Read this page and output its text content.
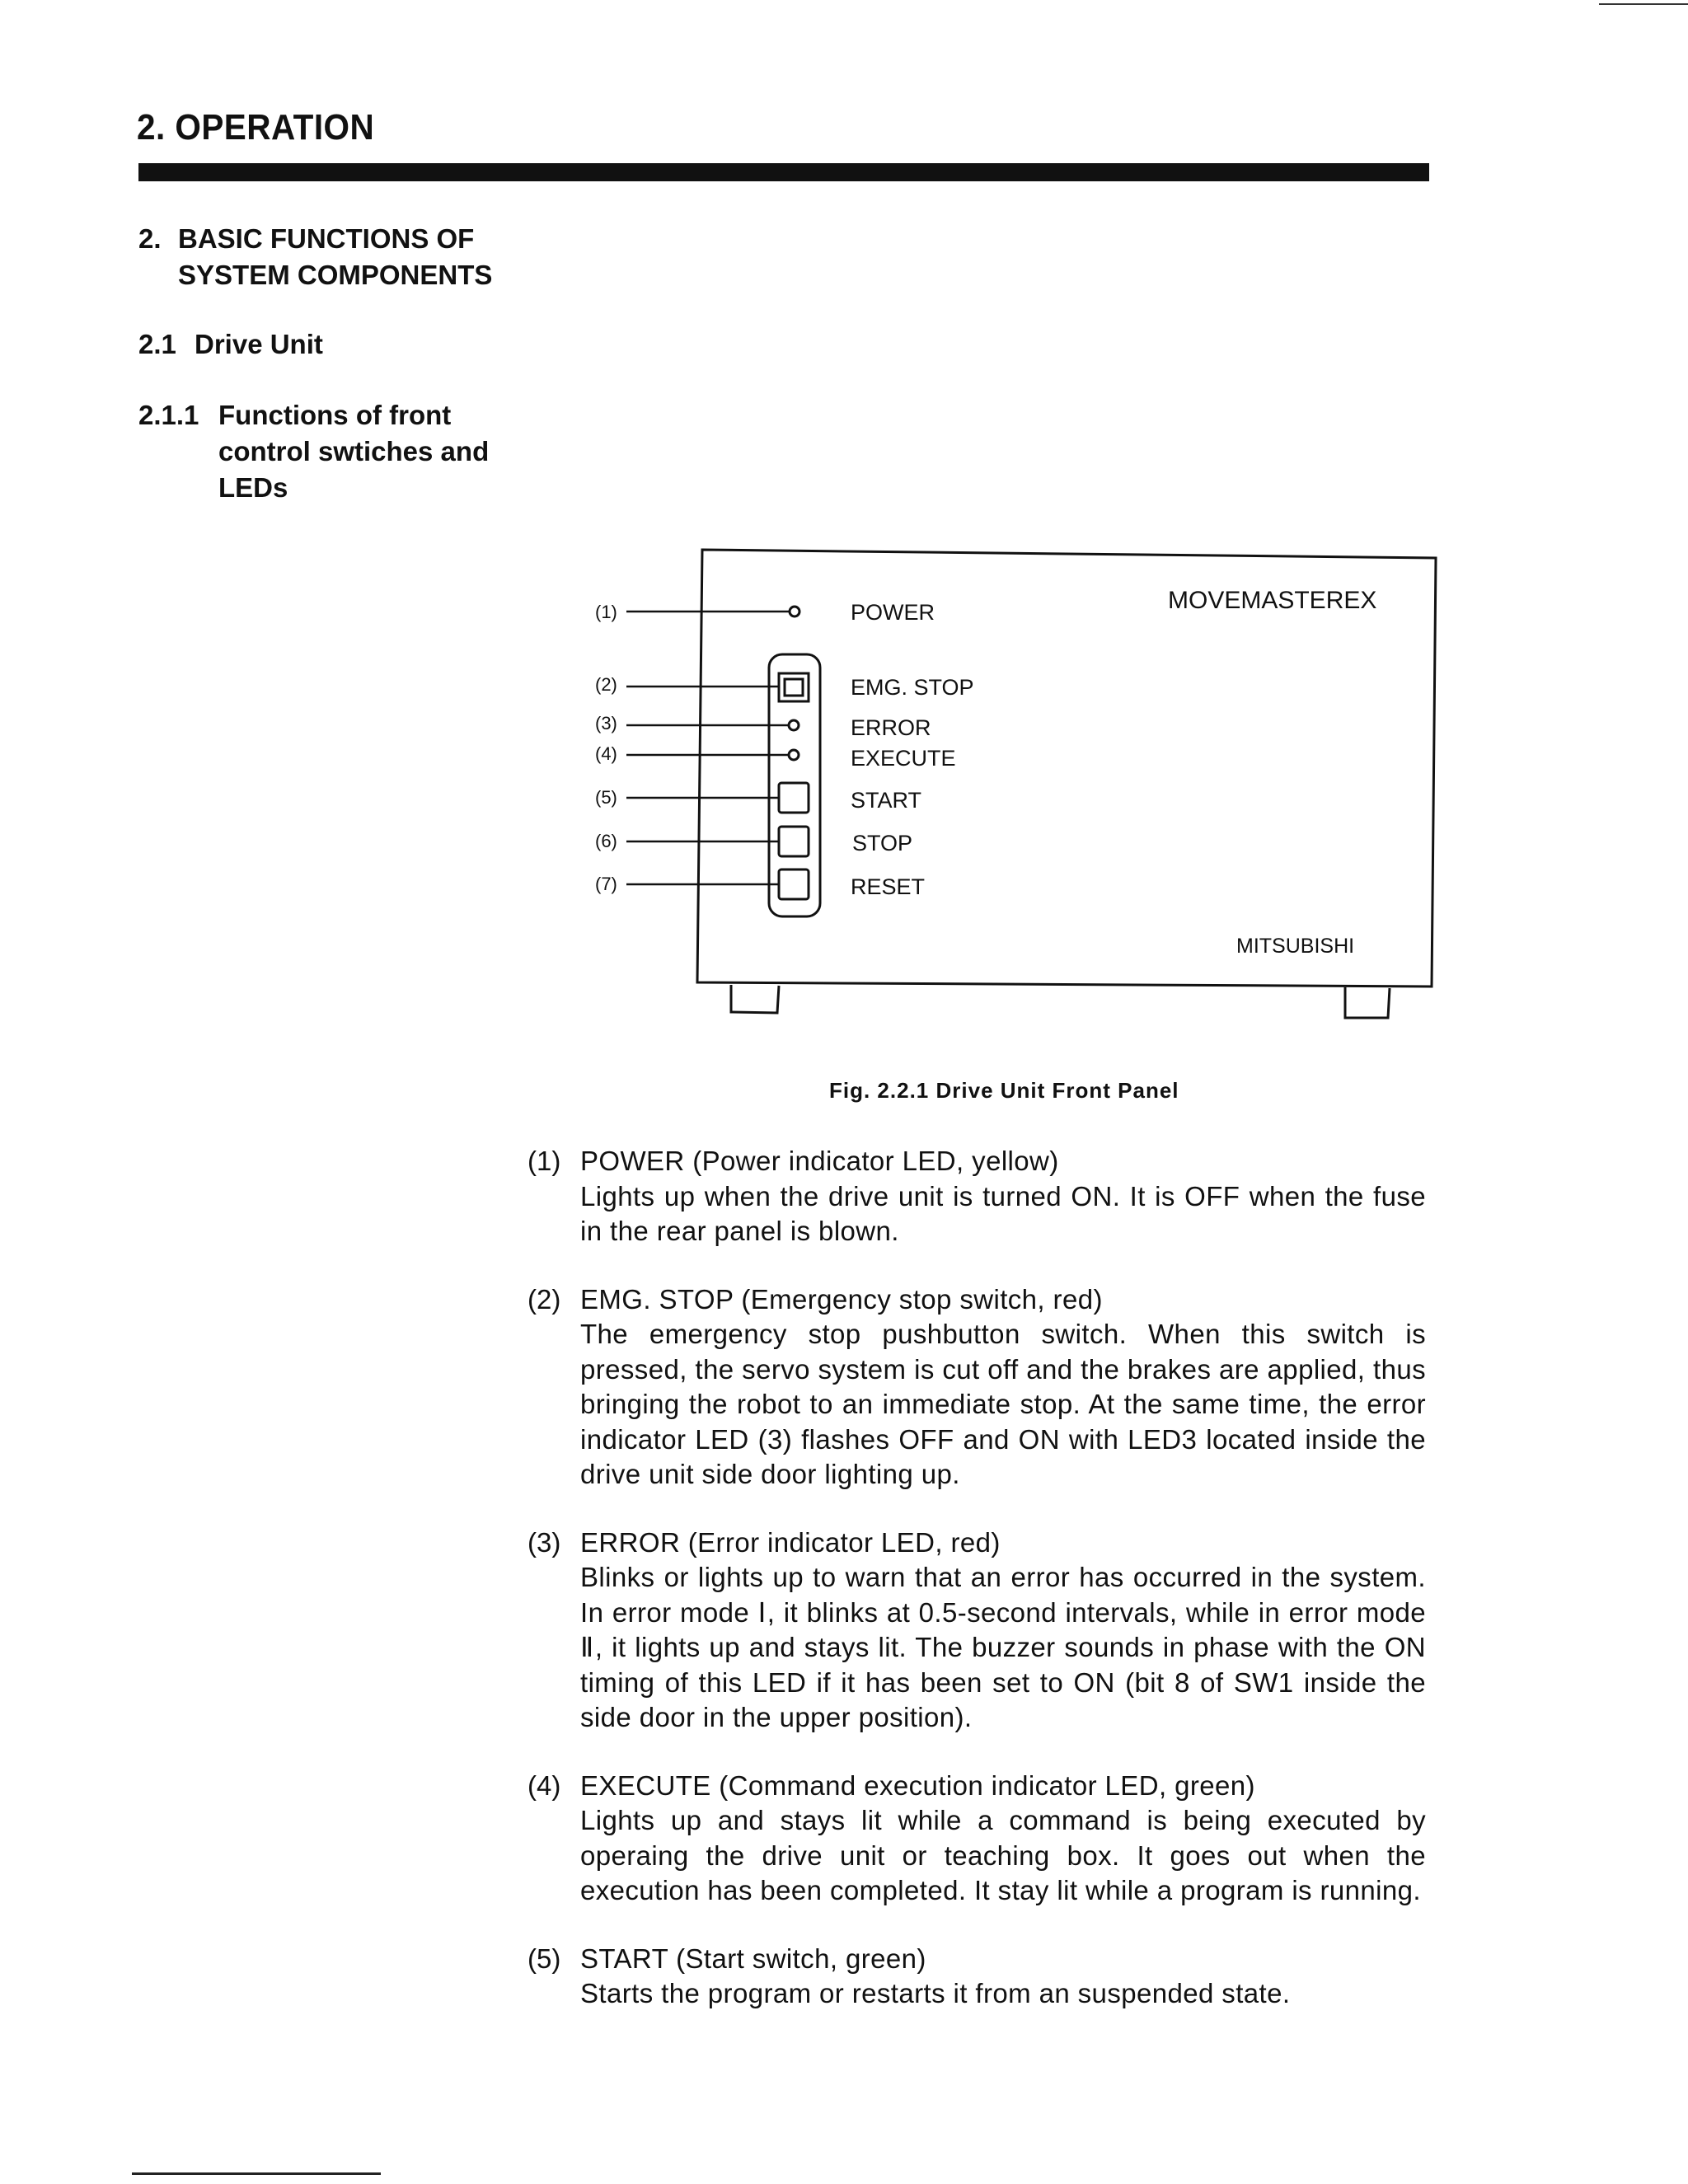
2. OPERATION
2. BASIC FUNCTIONS OF
SYSTEM COMPONENTS
2.1 Drive Unit
2.1.1 Functions of front
control swtiches and
LEDs
MOVEMASTEREX
MITSUBISHI
(1)	POWER
(2)	EMG. STOP
(3)	ERROR
(4)	EXECUTE
(5)	START
(6)	STOP
(7)	RESET
Fig. 2.2.1 Drive Unit Front Panel
(1) POWER (Power indicator LED, yellow)
Lights up when the drive unit is turned ON. It is OFF when the fuse in the rear panel is blown.
(2) EMG. STOP (Emergency stop switch, red)
The emergency stop pushbutton switch. When this switch is pressed, the servo system is cut off and the brakes are applied, thus bringing the robot to an immediate stop. At the same time, the error indicator LED (3) flashes OFF and ON with LED3 located inside the drive unit side door lighting up.
(3) ERROR (Error indicator LED, red)
Blinks or lights up to warn that an error has occurred in the system. In error mode Ⅰ, it blinks at 0.5-second intervals, while in error mode Ⅱ, it lights up and stays lit. The buzzer sounds in phase with the ON timing of this LED if it has been set to ON (bit 8 of SW1 inside the side door in the upper position).
(4) EXECUTE (Command execution indicator LED, green)
Lights up and stays lit while a command is being executed by operaing the drive unit or teaching box. It goes out when the execution has been completed. It stay lit while a program is running.
(5) START (Start switch, green)
Starts the program or restarts it from an suspended state.
